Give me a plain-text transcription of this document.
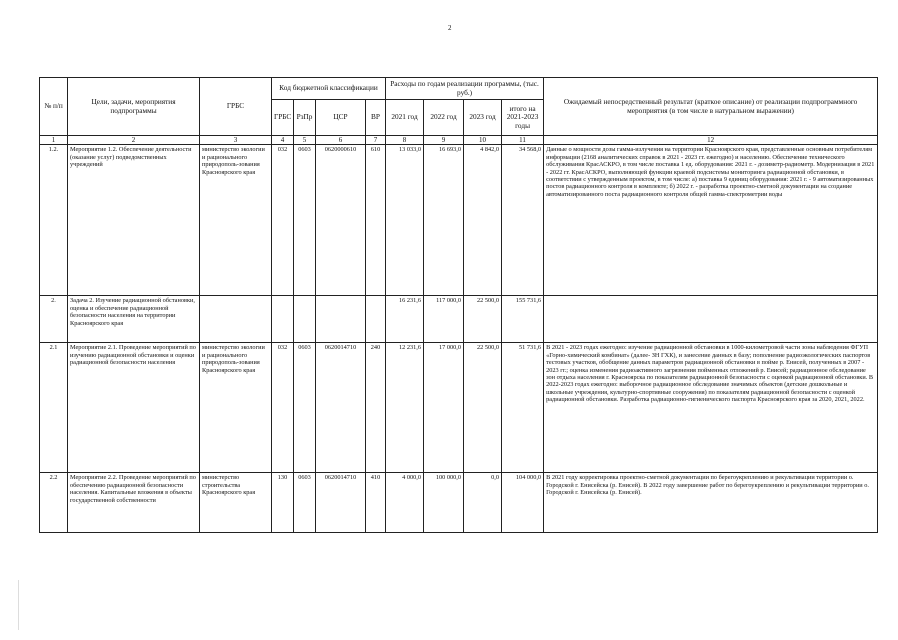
2
№ п/п	Цели, задачи, мероприятия подпрограммы	ГРБС	Код бюджетной классификации				Расходы по годам реализации программы, (тыс. руб.)				Ожидаемый непосредственный результат (краткое описание) от реализации подпрограммного мероприятия (в том числе в натуральном выражении)
			ГРБС	РзПр	ЦСР	ВР	2021 год	2022 год	2023 год	итого на 2021-2023 годы	
1	2	3	4	5	6	7	8	9	10	11	12
1.2.	Мероприятие 1.2. Обеспечение деятельности (оказание услуг) подведомственных учреждений	министерство экологии и рационального природополь-зования Красноярского края	032	0603	0620000610	610	13 033,0	16 693,0	4 842,0	34 568,0	Данные о мощности дозы гамма-излучения на территории Красноярского края, представленные основным потребителям информации (2168 аналитических справок в 2021 - 2023 гг. ежегодно) и населению. Обеспечение технического обслуживания КрасАСКРО, в том числе поставка 1 ед. оборудования: 2021 г. - дозиметр-радиометр. Модернизация в 2021 - 2022 гг. КрасАСКРО, выполняющей функции краевой подсистемы мониторинга радиационной обстановки, в соответствии с утвержденным проектом, в том числе: а) поставка 9 единиц оборудования: 2021 г. - 9 автоматизированных постов радиационного контроля в комплекте; б) 2022 г. - разработка проектно-сметной документации на создание автоматизированного поста радиационного контроля общей гамма-спектрометрии воды
2.	Задача 2. Изучение радиационной обстановки, оценка и обеспечение радиационной безопасности населения на территории Красноярского края						16 231,6	117 000,0	22 500,0	155 731,6	
2.1	Мероприятие 2.1. Проведение мероприятий по изучению радиационной обстановки и оценки радиационной безопасности населения	министерство экологии и рационального природополь-зования Красноярского края	032	0603	0620014710	240	12 231,6	17 000,0	22 500,0	51 731,6	В 2021 - 2023 годах ежегодно: изучение радиационной обстановки в 1000-километровой части зоны наблюдения ФГУП «Горно-химический комбинат» (далее- ЗН ГХК), и занесение данных в базу; пополнение радиоэкологических паспортов тестовых участков, обобщение данных параметров радиационной обстановки в пойме р. Енисей, полученных в 2007 - 2023 гг.; оценка изменения радиоактивного загрязнения пойменных отложений р. Енисей; радиационное обследование зон отдыха населения г. Красноярска по показателям радиационной безопасности с оценкой радиационной обстановки. В 2022-2023 годах ежегодно: выборочное радиационное обследование значимых объектов (детские дошкольные и школьные учреждения, культурно-спортивные сооружения) по показателям радиационной безопасности с оценкой радиационной обстановки. Разработка радиационно-гигиенического паспорта Красноярского края за 2020, 2021, 2022.
2.2	Мероприятие 2.2. Проведение мероприятий по обеспечению радиационной безопасности населения. Капитальные вложения в объекты государственной собственности	министерство строительства Красноярского края	130	0603	0620014710	410	4 000,0	100 000,0	0,0	104 000,0	В 2021 году корректировка проектно-сметной документации по берегоукреплению и рекультивации территории о. Городской г. Енисейска (р. Енисей). В 2022 году завершение работ по берегоукреплению и рекультивации территории о. Городской г. Енисейска (р. Енисей).
